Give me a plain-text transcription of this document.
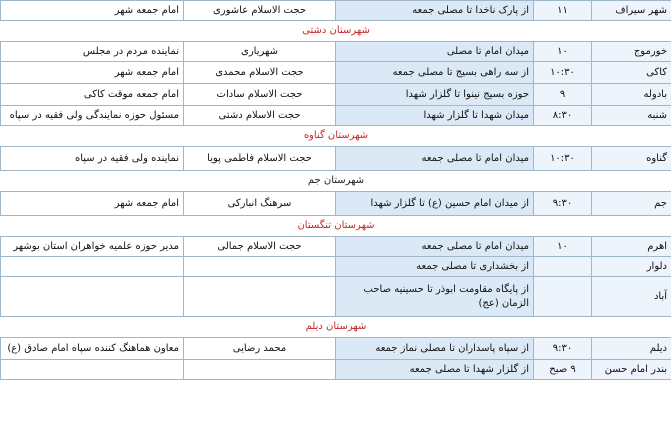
شهر سیراف	۱۱	از پارک ناخدا تا مصلی جمعه	حجت الاسلام عاشوری	امام جمعه شهر
شهرستان دشتی				
خورموج	۱۰	میدان امام تا مصلی	شهریاری	نماینده مردم در مجلس
کاکی	۱۰:۳۰	از سه راهی بسیج تا مصلی جمعه	حجت الاسلام محمدی	امام جمعه شهر
بادوله	۹	حوزه بسیج نینوا تا گلزار شهدا	حجت الاسلام سادات	امام جمعه موقت کاکی
شنبه	۸:۳۰	میدان شهدا تا گلزار شهدا	حجت الاسلام دشتی	مسئول حوزه نمایندگی ولی فقیه در سپاه
شهرستان گناوه				
گناوه	۱۰:۳۰	میدان امام تا مصلی جمعه	حجت الاسلام فاطمی پویا	نماینده ولی فقیه در سپاه
شهرستان جم				
جم	۹:۳۰	از میدان امام حسین (ع) تا گلزار شهدا	سرهنگ انبارکی	امام جمعه شهر
شهرستان تنگستان				
اهرم	۱۰	میدان امام تا مصلی جمعه	حجت الاسلام جمالی	مدیر حوزه علمیه خواهران استان بوشهر
دلوار		از بخشداری تا مصلی جمعه		
آباد		از پایگاه مقاومت ابوذر تا حسینیه صاحب الزمان (عج)		
شهرستان دیلم				
دیلم	۹:۳۰	از سپاه پاسداران تا مصلی نماز جمعه	محمد رضایی	معاون هماهنگ کننده سپاه امام صادق (ع)
بندر امام حسن	۹ صبح	از گلزار شهدا تا مصلی جمعه		
